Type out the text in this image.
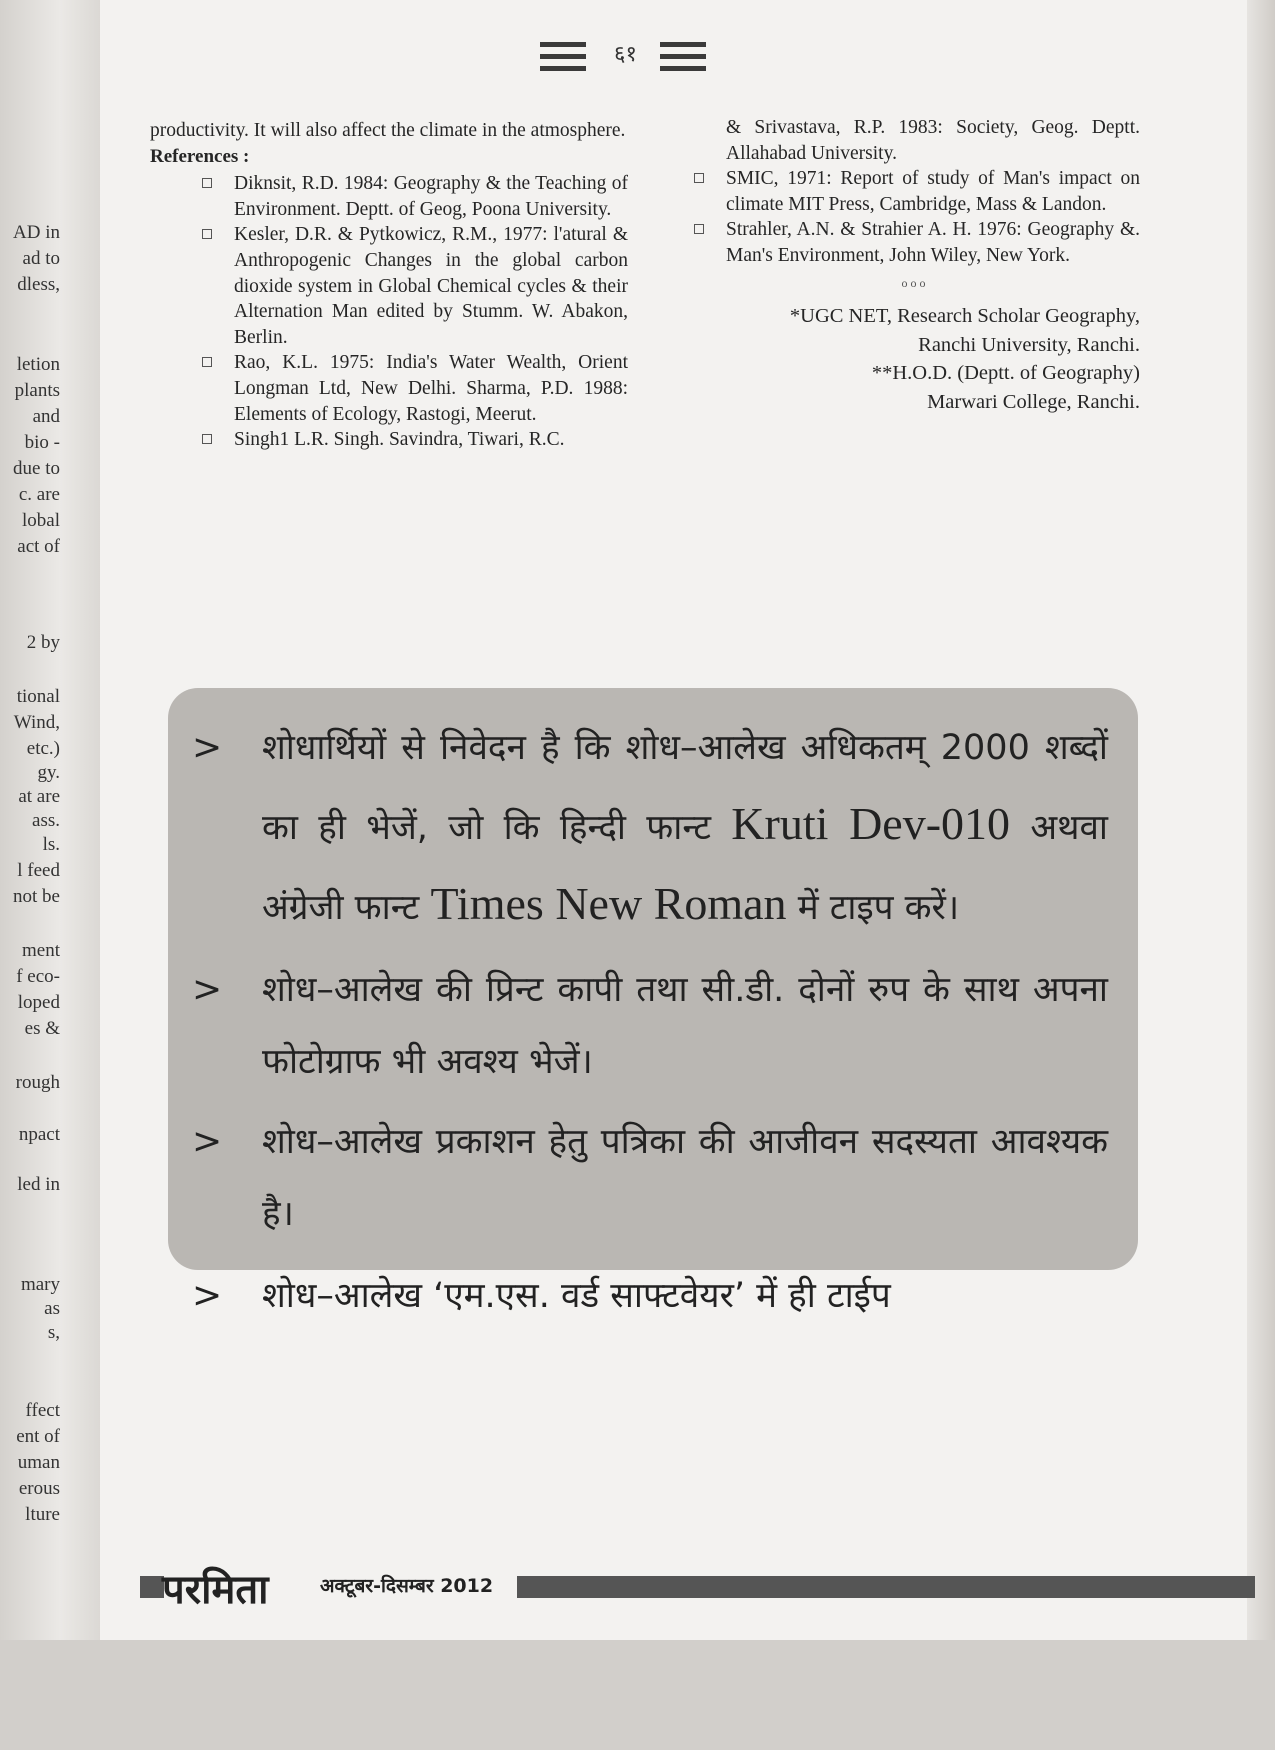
AD in
ad to
dless,
letion
plants
and
bio -
due to
c. are
lobal
act of
2 by
tional
Wind,
etc.)
gy.
at are
ass.
ls.
l feed
not be
ment
f eco-
loped
es &
rough
npact
led in
mary
as
s,
ffect
ent of
uman
erous
lture
६१

productivity. It will also affect the climate in the atmosphere.

References :

Diknsit, R.D. 1984: Geography & the Teaching of Environment. Deptt. of Geog, Poona University.

Kesler, D.R. & Pytkowicz, R.M., 1977: l'atural & Anthropogenic Changes in the global carbon dioxide system in Global Chemical cycles & their Alternation Man edited by Stumm. W. Abakon, Berlin.

Rao, K.L. 1975: India's Water Wealth, Orient Longman Ltd, New Delhi. Sharma, P.D. 1988: Elements of Ecology, Rastogi, Meerut.

Singh1 L.R. Singh. Savindra, Tiwari, R.C.

& Srivastava, R.P. 1983: Society, Geog. Deptt. Allahabad University.

SMIC, 1971: Report of study of Man's impact on climate MIT Press, Cambridge, Mass & Landon.

Strahler, A.N. & Strahier A. H. 1976: Geography &. Man's Environment, John Wiley, New York.

ooo

*UGC NET, Research Scholar Geography,

Ranchi University, Ranchi.

**H.O.D. (Deptt. of Geography)

Marwari College, Ranchi.

> शोधार्थियों से निवेदन है कि शोध–आलेख अधिकतम् 2000 शब्दों का ही भेजें, जो कि हिन्दी फान्ट Kruti Dev-010 अथवा अंग्रेजी फान्ट Times New Roman में टाइप करें।
> शोध–आलेख की प्रिन्ट कापी तथा सी.डी. दोनों रुप के साथ अपना फोटोग्राफ भी अवश्य भेजें।
> शोध–आलेख प्रकाशन हेतु पत्रिका की आजीवन सदस्यता आवश्यक है।
> शोध–आलेख ‘एम.एस. वर्ड साफ्टवेयर’ में ही टाईप
परमिता	अक्टूबर-दिसम्बर 2012
